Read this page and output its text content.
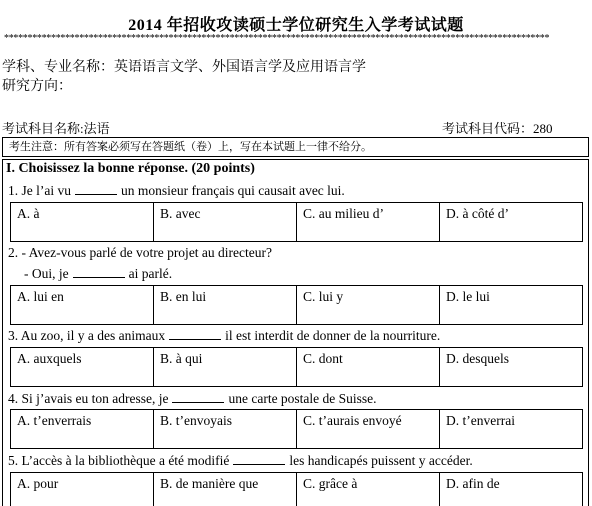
2014 年招收攻读硕士学位研究生入学考试试题
********************************************************************************************************************
学科、专业名称：英语语言文学、外国语言学及应用语言学
研究方向：
考试科目名称:法语	考试科目代码：280
考生注意：所有答案必须写在答题纸（卷）上，写在本试题上一律不给分。
I. Choisissez la bonne réponse. (20 points)
1. Je l’ai vu	un monsieur français qui causait avec lui.
A. à	B. avec	C. au milieu d’	D. à côté d’
2. - Avez-vous parlé de votre projet au directeur?
- Oui, je	ai parlé.
A. lui en	B. en lui	C. lui y	D. le lui
3. Au zoo, il y a des animaux	il est interdit de donner de la nourriture.
A. auxquels	B. à qui	C. dont	D. desquels
4. Si j’avais eu ton adresse, je	une carte postale de Suisse.
A. t’enverrais	B. t’envoyais	C. t’aurais envoyé	D. t’enverrai
5. L’accès à la bibliothèque a été modifié	les handicapés puissent y accéder.
A. pour	B. de manière que	C. grâce à	D. afin de
